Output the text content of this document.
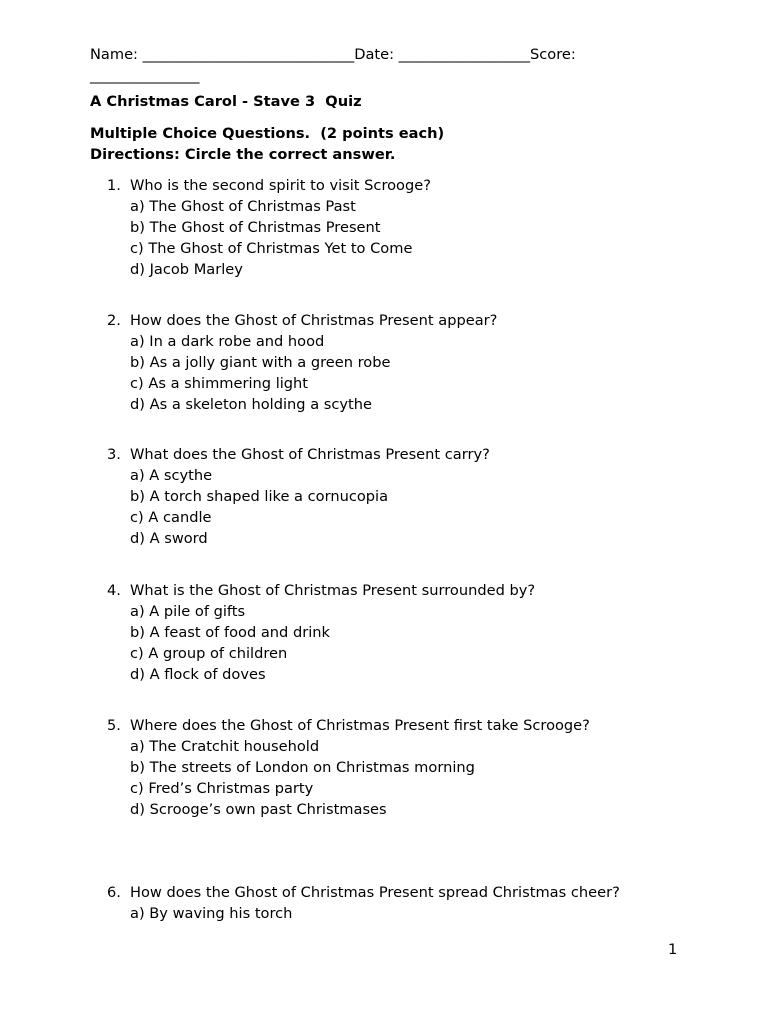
Name: _____________________________Date: __________________Score: _______________
A Christmas Carol - Stave 3  Quiz
Multiple Choice Questions.  (2 points each)
Directions: Circle the correct answer.
1. Who is the second spirit to visit Scrooge?
a) The Ghost of Christmas Past
b) The Ghost of Christmas Present
c) The Ghost of Christmas Yet to Come
d) Jacob Marley
2. How does the Ghost of Christmas Present appear?
a) In a dark robe and hood
b) As a jolly giant with a green robe
c) As a shimmering light
d) As a skeleton holding a scythe
3. What does the Ghost of Christmas Present carry?
a) A scythe
b) A torch shaped like a cornucopia
c) A candle
d) A sword
4. What is the Ghost of Christmas Present surrounded by?
a) A pile of gifts
b) A feast of food and drink
c) A group of children
d) A flock of doves
5. Where does the Ghost of Christmas Present first take Scrooge?
a) The Cratchit household
b) The streets of London on Christmas morning
c) Fred’s Christmas party
d) Scrooge’s own past Christmases
6. How does the Ghost of Christmas Present spread Christmas cheer?
a) By waving his torch
1
